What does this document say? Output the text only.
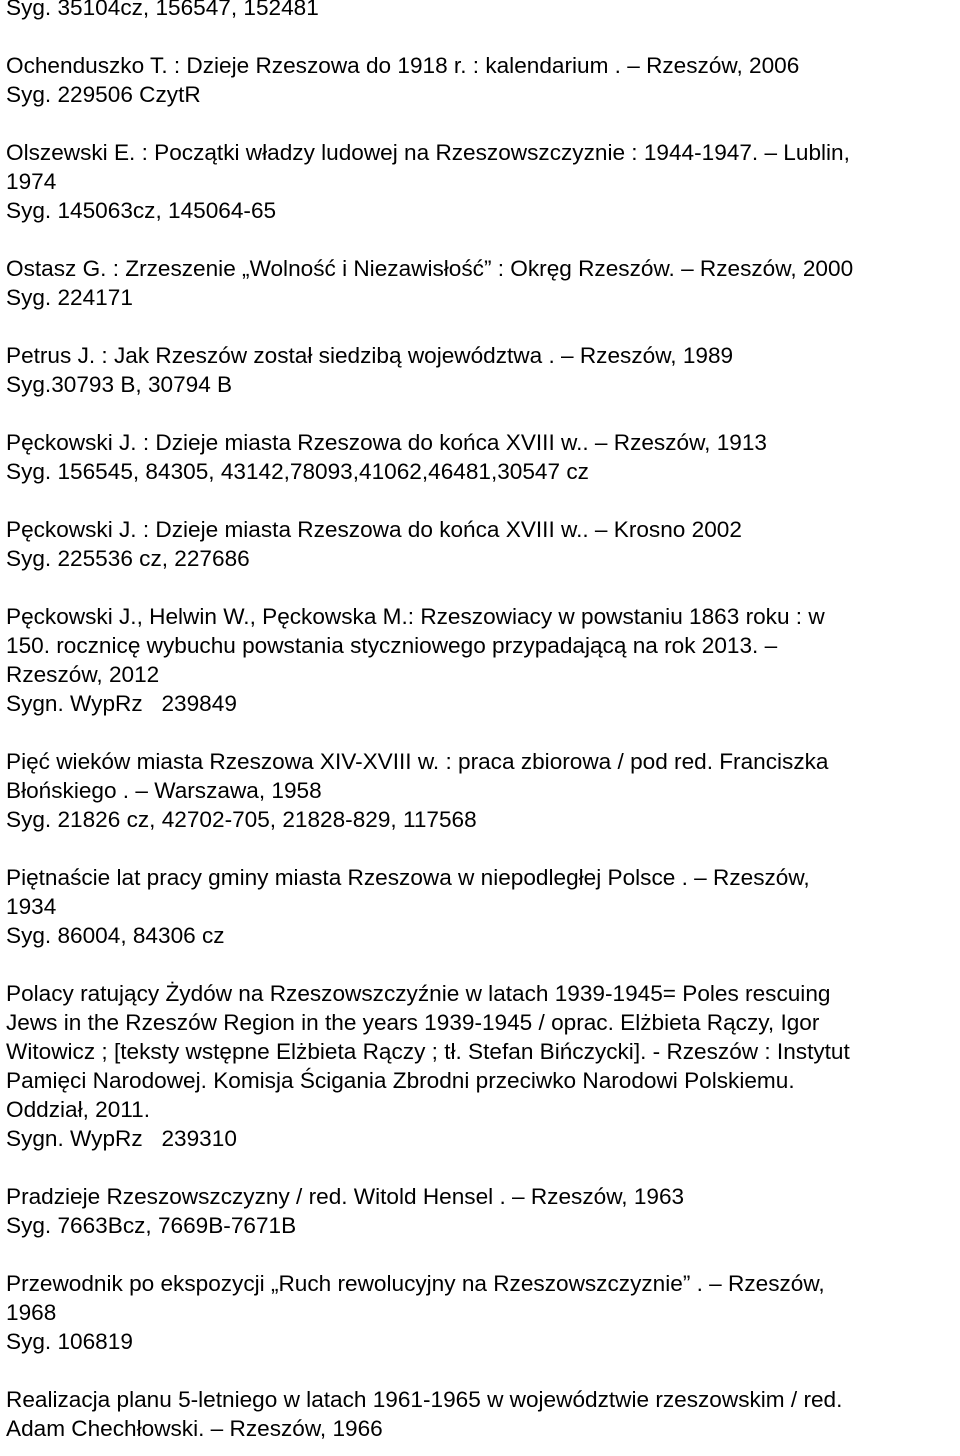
Syg. 35104cz, 156547, 152481
Ochenduszko T. : Dzieje Rzeszowa do 1918 r. : kalendarium . – Rzeszów, 2006
Syg. 229506 CzytR
Olszewski E. : Początki władzy ludowej na Rzeszowszczyznie : 1944-1947. – Lublin,
1974
Syg. 145063cz, 145064-65
Ostasz G. : Zrzeszenie „Wolność i Niezawisłość” : Okręg Rzeszów. – Rzeszów, 2000
Syg. 224171
Petrus J. : Jak Rzeszów został siedzibą województwa . – Rzeszów, 1989
Syg.30793 B, 30794 B
Pęckowski J. : Dzieje miasta Rzeszowa do końca XVIII w.. – Rzeszów, 1913
Syg. 156545, 84305, 43142,78093,41062,46481,30547 cz
Pęckowski J. : Dzieje miasta Rzeszowa do końca XVIII w.. – Krosno 2002
Syg. 225536 cz, 227686
Pęckowski J., Helwin W., Pęckowska M.: Rzeszowiacy w powstaniu 1863 roku : w
150. rocznicę wybuchu powstania styczniowego przypadającą na rok 2013. –
Rzeszów, 2012
Sygn. WypRz   239849
Pięć wieków miasta Rzeszowa XIV-XVIII w. : praca zbiorowa / pod red. Franciszka
Błońskiego . – Warszawa, 1958
Syg. 21826 cz, 42702-705, 21828-829, 117568
Piętnaście lat pracy gminy miasta Rzeszowa w niepodległej Polsce . – Rzeszów,
1934
Syg. 86004, 84306 cz
Polacy ratujący Żydów na Rzeszowszczyźnie w latach 1939-1945= Poles rescuing
Jews in the Rzeszów Region in the years 1939-1945 / oprac. Elżbieta Rączy, Igor
Witowicz ; [teksty wstępne Elżbieta Rączy ; tł. Stefan Bińczycki]. - Rzeszów : Instytut
Pamięci Narodowej. Komisja Ścigania Zbrodni przeciwko Narodowi Polskiemu.
Oddział, 2011.
Sygn. WypRz   239310
Pradzieje Rzeszowszczyzny / red. Witold Hensel . – Rzeszów, 1963
Syg. 7663Bcz, 7669B-7671B
Przewodnik po ekspozycji „Ruch rewolucyjny na Rzeszowszczyznie” . – Rzeszów,
1968
Syg. 106819
Realizacja planu 5-letniego w latach 1961-1965 w województwie rzeszowskim / red.
Adam Chechłowski. – Rzeszów, 1966
